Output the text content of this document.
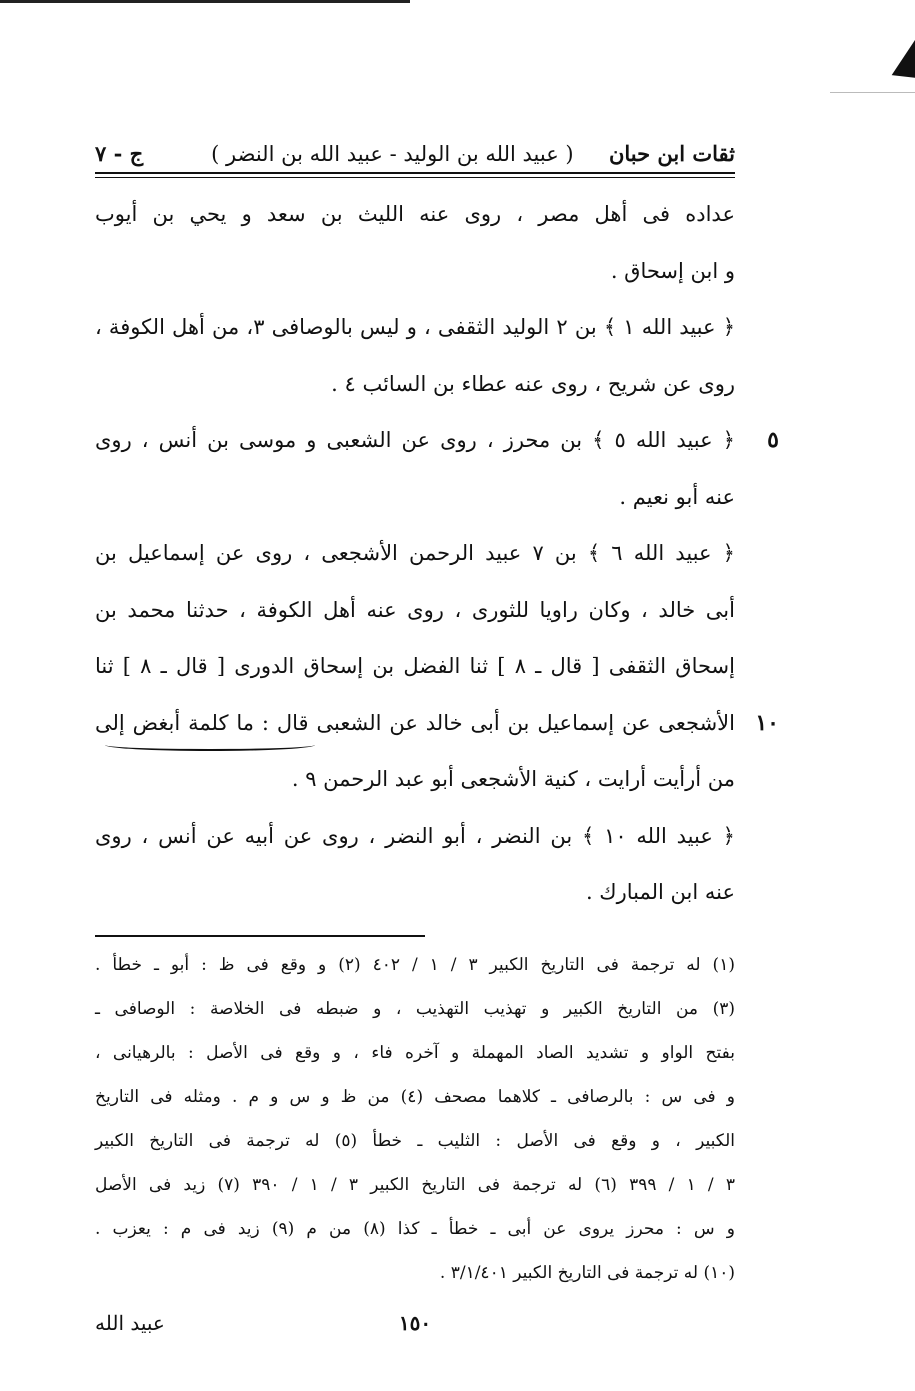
ثقات ابن حبان ( عبيد الله بن الوليد - عبيد الله بن النضر )
ج - ٧
عداده فى أهل مصر ، روى عنه الليث بن سعد و يحي بن أيوب
و ابن إسحاق .
﴿ عبيد الله ١ ﴾ بن ٢ الوليد الثقفى ، و ليس بالوصافى ٣، من أهل الكوفة ،
روى عن شريح ، روى عنه عطاء بن السائب ٤ .
٥
﴿ عبيد الله ٥ ﴾ بن محرز ، روى عن الشعبى و موسى بن أنس ، روى
عنه أبو نعيم .
﴿ عبيد الله ٦ ﴾ بن ٧ عبيد الرحمن الأشجعى ، روى عن إسماعيل بن
أبى خالد ، وكان راويا للثورى ، روى عنه أهل الكوفة ، حدثنا محمد بن
إسحاق الثقفى [ قال ـ ٨ ] ثنا الفضل بن إسحاق الدورى [ قال ـ ٨ ] ثنا
١٠
الأشجعى عن إسماعيل بن أبى خالد عن الشعبى قال : ما كلمة أبغض إلى
من أرأيت أرايت ، كنية الأشجعى أبو عبد الرحمن ٩ .
﴿ عبيد الله ١٠ ﴾ بن النضر ، أبو النضر ، روى عن أبيه عن أنس ، روى
عنه ابن المبارك .
(١) له ترجمة فى التاريخ الكبير ٣ / ١ / ٤٠٢ (٢) و وقع فى ظ : أبو ـ خطأ .
(٣) من التاريخ الكبير و تهذيب التهذيب ، و ضبطه فى الخلاصة : الوصافى ـ
بفتح الواو و تشديد الصاد المهملة و آخره فاء ، و وقع فى الأصل : بالرهيانى ،
و فى س : بالرصافى ـ كلاهما مصحف (٤) من ظ و س و م . ومثله فى التاريخ
الكبير ، و وقع فى الأصل : الثليب ـ خطأ (٥) له ترجمة فى التاريخ الكبير
٣ / ١ / ٣٩٩ (٦) له ترجمة فى التاريخ الكبير ٣ / ١ / ٣٩٠ (٧) زيد فى الأصل
و س : محرز يروى عن أبى ـ خطأ ـ كذا (٨) من م (٩) زيد فى م : يعزب .
(١٠) له ترجمة فى التاريخ الكبير ٣/١/٤٠١ .
١٥٠
عبيد الله
